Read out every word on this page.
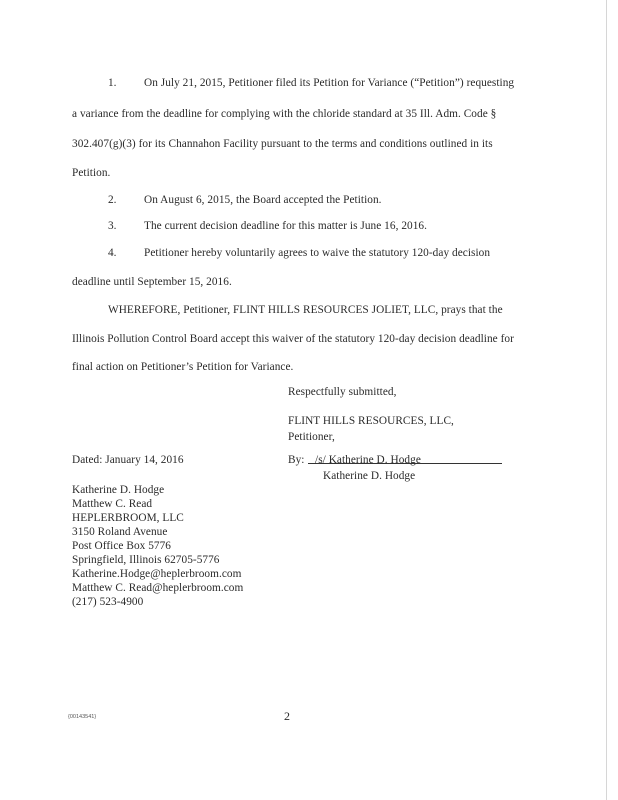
1. On July 21, 2015, Petitioner filed its Petition for Variance (“Petition”) requesting
a variance from the deadline for complying with the chloride standard at 35 Ill. Adm. Code §
302.407(g)(3) for its Channahon Facility pursuant to the terms and conditions outlined in its
Petition.
2. On August 6, 2015, the Board accepted the Petition.
3. The current decision deadline for this matter is June 16, 2016.
4. Petitioner hereby voluntarily agrees to waive the statutory 120-day decision
deadline until September 15, 2016.
WHEREFORE, Petitioner, FLINT HILLS RESOURCES JOLIET, LLC, prays that the
Illinois Pollution Control Board accept this waiver of the statutory 120-day decision deadline for
final action on Petitioner’s Petition for Variance.
Respectfully submitted,
FLINT HILLS RESOURCES, LLC,
Petitioner,
By: /s/ Katherine D. Hodge
Katherine D. Hodge
Dated: January 14, 2016
Katherine D. Hodge
Matthew C. Read
HEPLERBROOM, LLC
3150 Roland Avenue
Post Office Box 5776
Springfield, Illinois 62705-5776
Katherine.Hodge@heplerbroom.com
Matthew C. Read@heplerbroom.com
(217) 523-4900
{00143541}	2
